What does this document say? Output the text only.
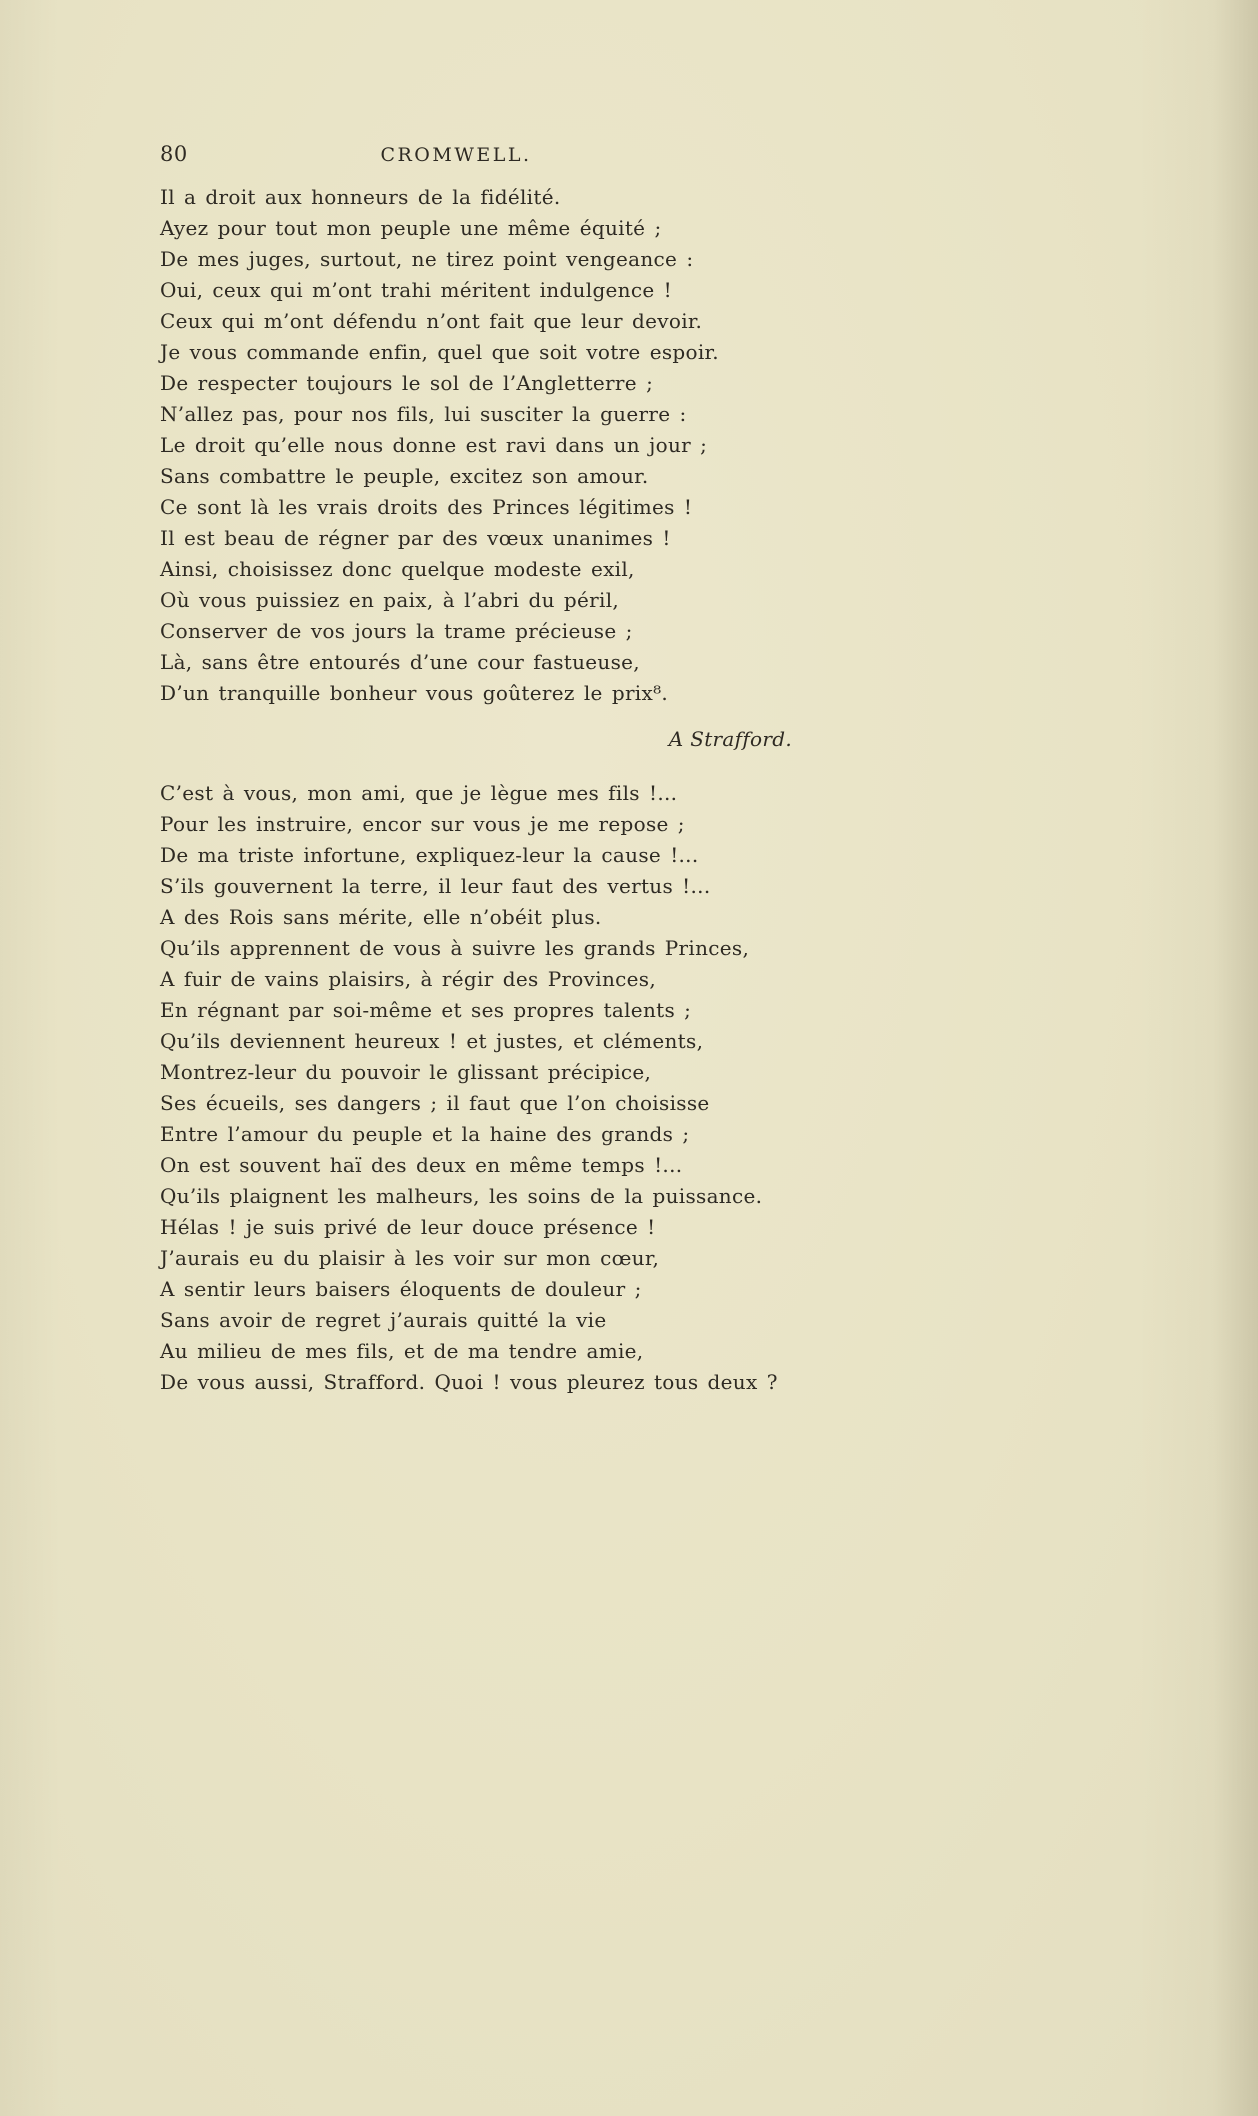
80	CROMWELL.
Il a droit aux honneurs de la fidélité.
Ayez pour tout mon peuple une même équité ;
De mes juges, surtout, ne tirez point vengeance :
Oui, ceux qui m’ont trahi méritent indulgence !
Ceux qui m’ont défendu n’ont fait que leur devoir.
Je vous commande enfin, quel que soit votre espoir.
De respecter toujours le sol de l’Angletterre ;
N’allez pas, pour nos fils, lui susciter la guerre :
Le droit qu’elle nous donne est ravi dans un jour ;
Sans combattre le peuple, excitez son amour.
Ce sont là les vrais droits des Princes légitimes !
Il est beau de régner par des vœux unanimes !
Ainsi, choisissez donc quelque modeste exil,
Où vous puissiez en paix, à l’abri du péril,
Conserver de vos jours la trame précieuse ;
Là, sans être entourés d’une cour fastueuse,
D’un tranquille bonheur vous goûterez le prix⁸.
A Strafford.
C’est à vous, mon ami, que je lègue mes fils !...
Pour les instruire, encor sur vous je me repose ;
De ma triste infortune, expliquez-leur la cause !...
S’ils gouvernent la terre, il leur faut des vertus !...
A des Rois sans mérite, elle n’obéit plus.
Qu’ils apprennent de vous à suivre les grands Princes,
A fuir de vains plaisirs, à régir des Provinces,
En régnant par soi-même et ses propres talents ;
Qu’ils deviennent heureux ! et justes, et cléments,
Montrez-leur du pouvoir le glissant précipice,
Ses écueils, ses dangers ; il faut que l’on choisisse
Entre l’amour du peuple et la haine des grands ;
On est souvent haï des deux en même temps !...
Qu’ils plaignent les malheurs, les soins de la puissance.
Hélas ! je suis privé de leur douce présence !
J’aurais eu du plaisir à les voir sur mon cœur,
A sentir leurs baisers éloquents de douleur ;
Sans avoir de regret j’aurais quitté la vie
Au milieu de mes fils, et de ma tendre amie,
De vous aussi, Strafford. Quoi ! vous pleurez tous deux ?
